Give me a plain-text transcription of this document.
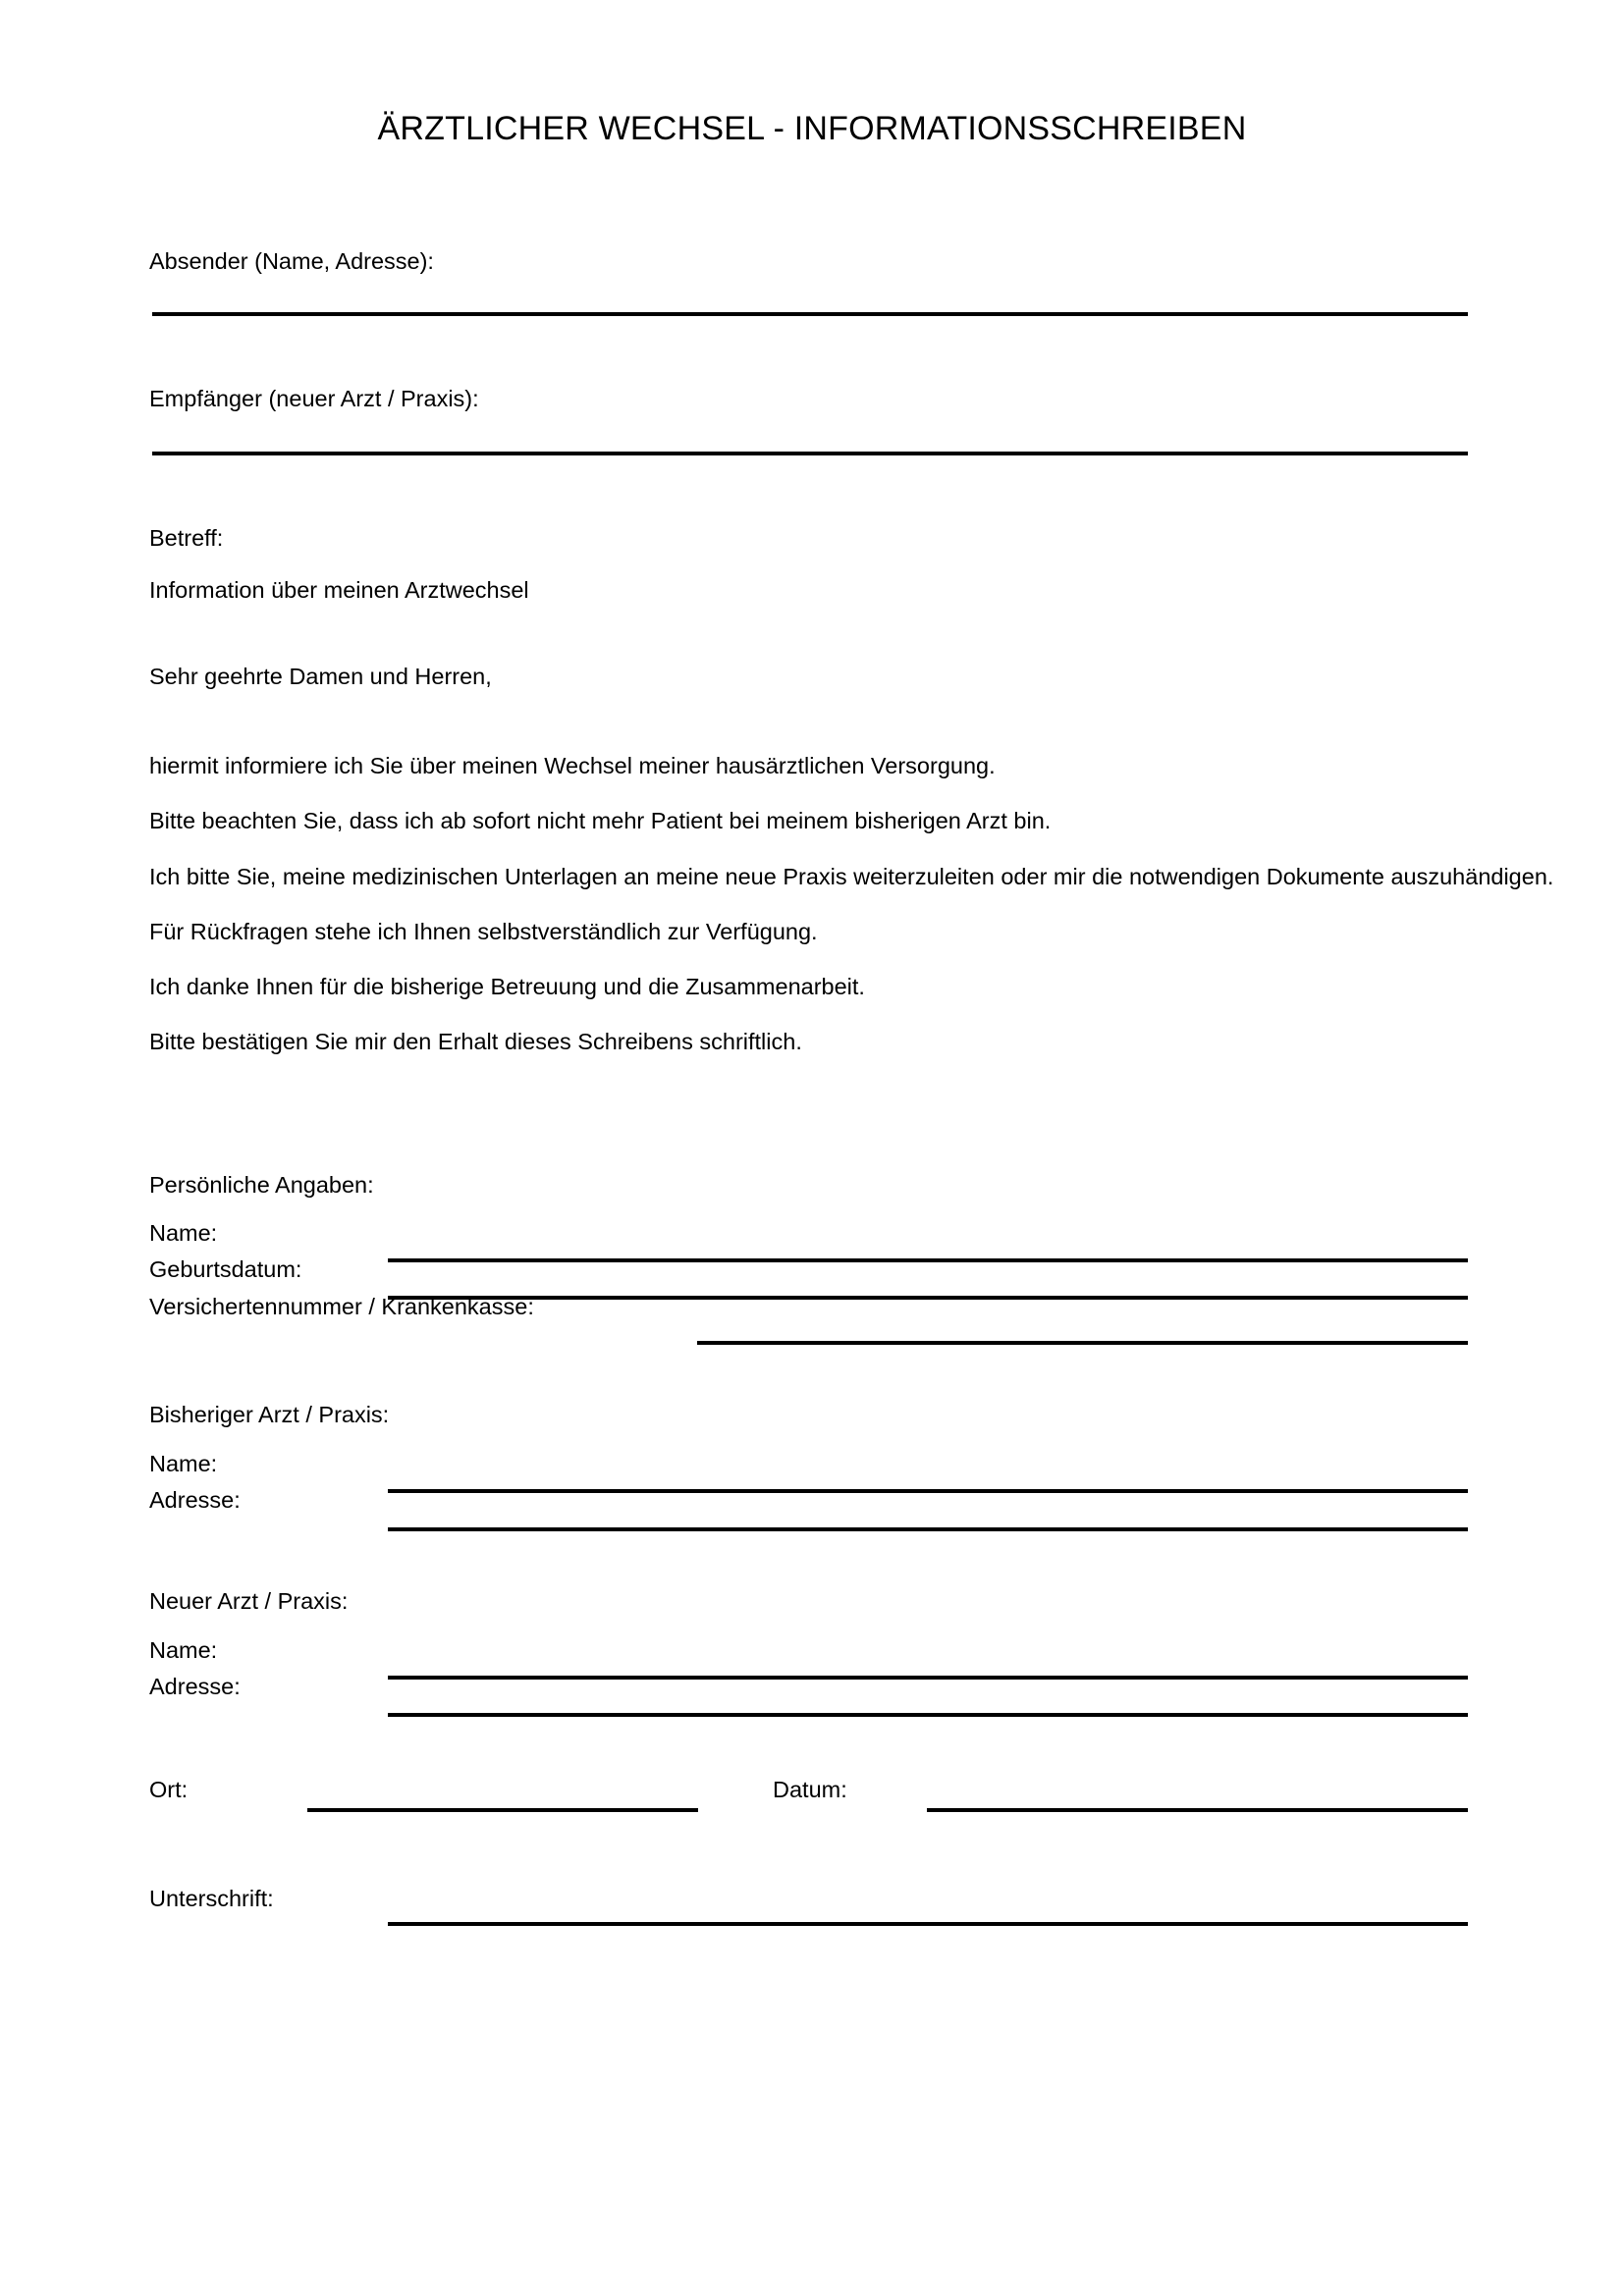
ÄRZTLICHER WECHSEL - INFORMATIONSSCHREIBEN
Absender (Name, Adresse):
Empfänger (neuer Arzt / Praxis):
Betreff:
Information über meinen Arztwechsel
Sehr geehrte Damen und Herren,
hiermit informiere ich Sie über meinen Wechsel meiner hausärztlichen Versorgung.
Bitte beachten Sie, dass ich ab sofort nicht mehr Patient bei meinem bisherigen Arzt bin.
Ich bitte Sie, meine medizinischen Unterlagen an meine neue Praxis weiterzuleiten oder mir die notwendigen Dokumente auszuhändigen.
Für Rückfragen stehe ich Ihnen selbstverständlich zur Verfügung.
Ich danke Ihnen für die bisherige Betreuung und die Zusammenarbeit.
Bitte bestätigen Sie mir den Erhalt dieses Schreibens schriftlich.
Persönliche Angaben:
Name:
Geburtsdatum:
Versichertennummer / Krankenkasse:
Bisheriger Arzt / Praxis:
Name:
Adresse:
Neuer Arzt / Praxis:
Name:
Adresse:
Ort:	Datum:
Unterschrift:
